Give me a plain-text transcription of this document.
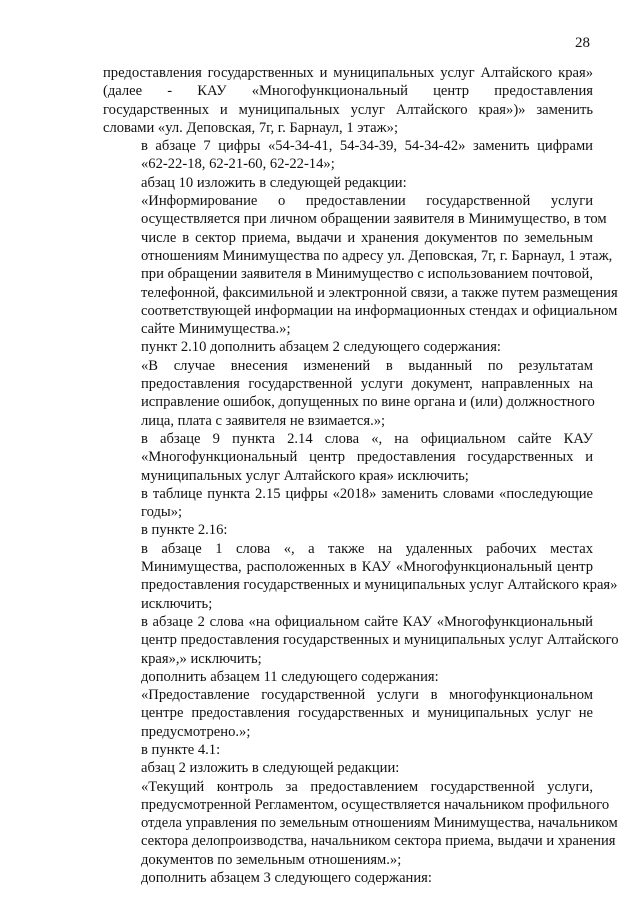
28

предоставления государственных и муниципальных услуг Алтайского края»
(далее - КАУ «Многофункциональный центр предоставления
государственных и муниципальных услуг Алтайского края»)» заменить
словами «ул. Деповская, 7г, г. Барнаул, 1 этаж»;

в абзаце 7 цифры «54-34-41, 54-34-39, 54-34-42» заменить цифрами
«62-22-18, 62-21-60, 62-22-14»;

абзац 10 изложить в следующей редакции:

«Информирование о предоставлении государственной услуги
осуществляется при личном обращении заявителя в Минимущество, в том
числе в сектор приема, выдачи и хранения документов по земельным
отношениям Минимущества по адресу ул. Деповская, 7г, г. Барнаул, 1 этаж,
при обращении заявителя в Минимущество с использованием почтовой,
телефонной, факсимильной и электронной связи, а также путем размещения
соответствующей информации на информационных стендах и официальном
сайте Минимущества.»;

пункт 2.10 дополнить абзацем 2 следующего содержания:

«В случае внесения изменений в выданный по результатам
предоставления государственной услуги документ, направленных на
исправление ошибок, допущенных по вине органа и (или) должностного
лица, плата с заявителя не взимается.»;

в абзаце 9 пункта 2.14 слова «, на официальном сайте КАУ
«Многофункциональный центр предоставления государственных и
муниципальных услуг Алтайского края» исключить;

в таблице пункта 2.15 цифры «2018» заменить словами «последующие
годы»;

в пункте 2.16:

в абзаце 1 слова «, а также на удаленных рабочих местах
Минимущества, расположенных в КАУ «Многофункциональный центр
предоставления государственных и муниципальных услуг Алтайского края»
исключить;

в абзаце 2 слова «на официальном сайте КАУ «Многофункциональный
центр предоставления государственных и муниципальных услуг Алтайского
края»,» исключить;

дополнить абзацем 11 следующего содержания:

«Предоставление государственной услуги в многофункциональном
центре предоставления государственных и муниципальных услуг не
предусмотрено.»;

в пункте 4.1:

абзац 2 изложить в следующей редакции:

«Текущий контроль за предоставлением государственной услуги,
предусмотренной Регламентом, осуществляется начальником профильного
отдела управления по земельным отношениям Минимущества, начальником
сектора делопроизводства, начальником сектора приема, выдачи и хранения
документов по земельным отношениям.»;

дополнить абзацем 3 следующего содержания:
